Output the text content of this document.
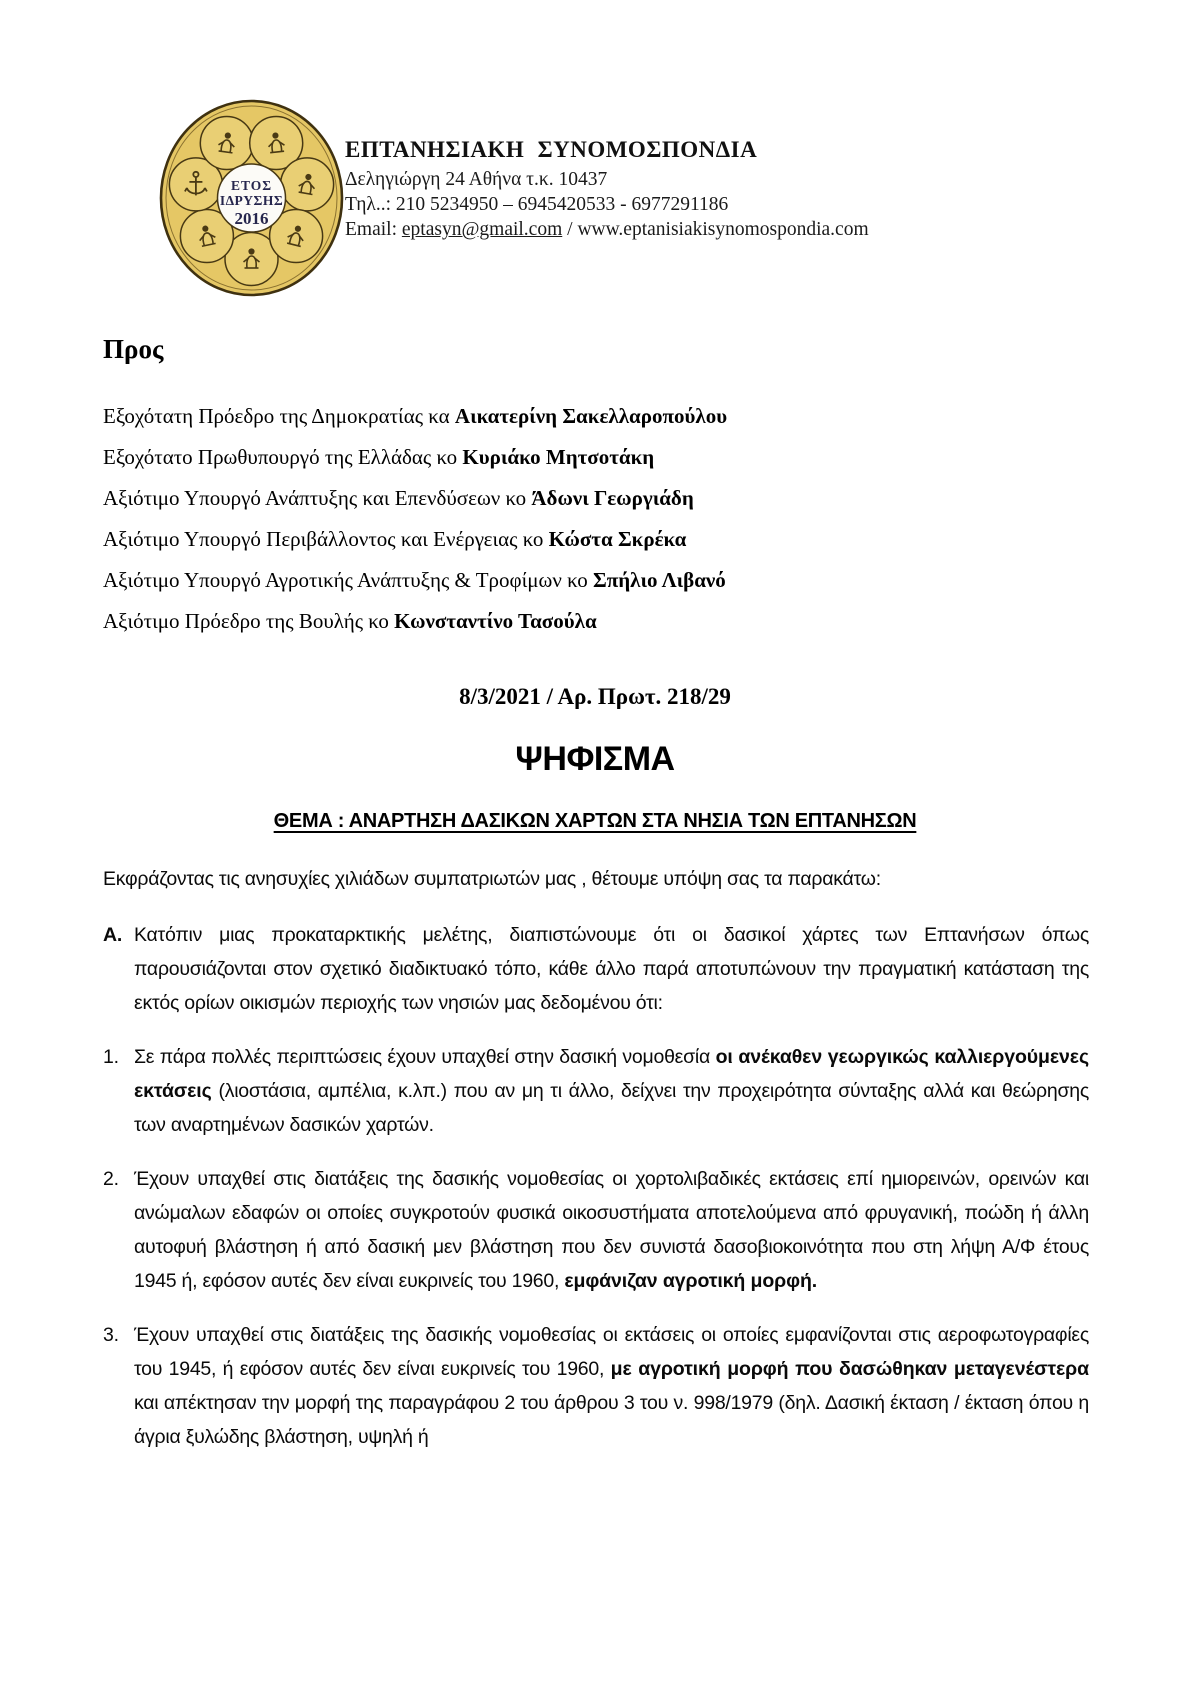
ΕΤΟΣ
ΙΔΡΥΣΗΣ
2016
ΕΠΤΑΝΗΣΙΑΚΗ ΣΥΝΟΜΟΣΠΟΝΔΙΑ
Δεληγιώργη 24 Αθήνα τ.κ. 10437
Τηλ..: 210 5234950 – 6945420533 - 6977291186
Email: eptasyn@gmail.com / www.eptanisiakisynomospondia.com
Προς
Εξοχότατη Πρόεδρο της Δημοκρατίας κα Αικατερίνη Σακελλαροπούλου
Εξοχότατο Πρωθυπουργό της Ελλάδας κο Κυριάκο Μητσοτάκη
Αξιότιμο Υπουργό Ανάπτυξης και Επενδύσεων κο Άδωνι Γεωργιάδη
Αξιότιμο Υπουργό Περιβάλλοντος και Ενέργειας κο Κώστα Σκρέκα
Αξιότιμο Υπουργό Αγροτικής Ανάπτυξης & Τροφίμων κο Σπήλιο Λιβανό
Αξιότιμο Πρόεδρο της Βουλής κο Κωνσταντίνο Τασούλα
8/3/2021 / Αρ. Πρωτ. 218/29
ΨΗΦΙΣΜΑ
ΘΕΜΑ : ΑΝΑΡΤΗΣΗ ΔΑΣΙΚΩΝ ΧΑΡΤΩΝ ΣΤΑ ΝΗΣΙΑ ΤΩΝ ΕΠΤΑΝΗΣΩΝ
Εκφράζοντας τις ανησυχίες χιλιάδων συμπατριωτών μας , θέτουμε υπόψη σας τα παρακάτω:
Α. Κατόπιν μιας προκαταρκτικής μελέτης, διαπιστώνουμε ότι οι δασικοί χάρτες των Επτανήσων όπως παρουσιάζονται στον σχετικό διαδικτυακό τόπο, κάθε άλλο παρά αποτυπώνουν την πραγματική κατάσταση της εκτός ορίων οικισμών περιοχής των νησιών μας δεδομένου ότι:
1. Σε πάρα πολλές περιπτώσεις έχουν υπαχθεί στην δασική νομοθεσία οι ανέκαθεν γεωργικώς καλλιεργούμενες εκτάσεις (λιοστάσια, αμπέλια, κ.λπ.) που αν μη τι άλλο, δείχνει την προχειρότητα σύνταξης αλλά και θεώρησης των αναρτημένων δασικών χαρτών.
2. Έχουν υπαχθεί στις διατάξεις της δασικής νομοθεσίας οι χορτολιβαδικές εκτάσεις επί ημιορεινών, ορεινών και ανώμαλων εδαφών οι οποίες συγκροτούν φυσικά οικοσυστήματα αποτελούμενα από φρυγανική, ποώδη ή άλλη αυτοφυή βλάστηση ή από δασική μεν βλάστηση που δεν συνιστά δασοβιοκοινότητα που στη λήψη Α/Φ έτους 1945 ή, εφόσον αυτές δεν είναι ευκρινείς του 1960, εμφάνιζαν αγροτική μορφή.
3. Έχουν υπαχθεί στις διατάξεις της δασικής νομοθεσίας οι εκτάσεις οι οποίες εμφανίζονται στις αεροφωτογραφίες του 1945, ή εφόσον αυτές δεν είναι ευκρινείς του 1960, με αγροτική μορφή που δασώθηκαν μεταγενέστερα και απέκτησαν την μορφή της παραγράφου 2 του άρθρου 3 του ν. 998/1979 (δηλ. Δασική έκταση / έκταση όπου η άγρια ξυλώδης βλάστηση, υψηλή ή
